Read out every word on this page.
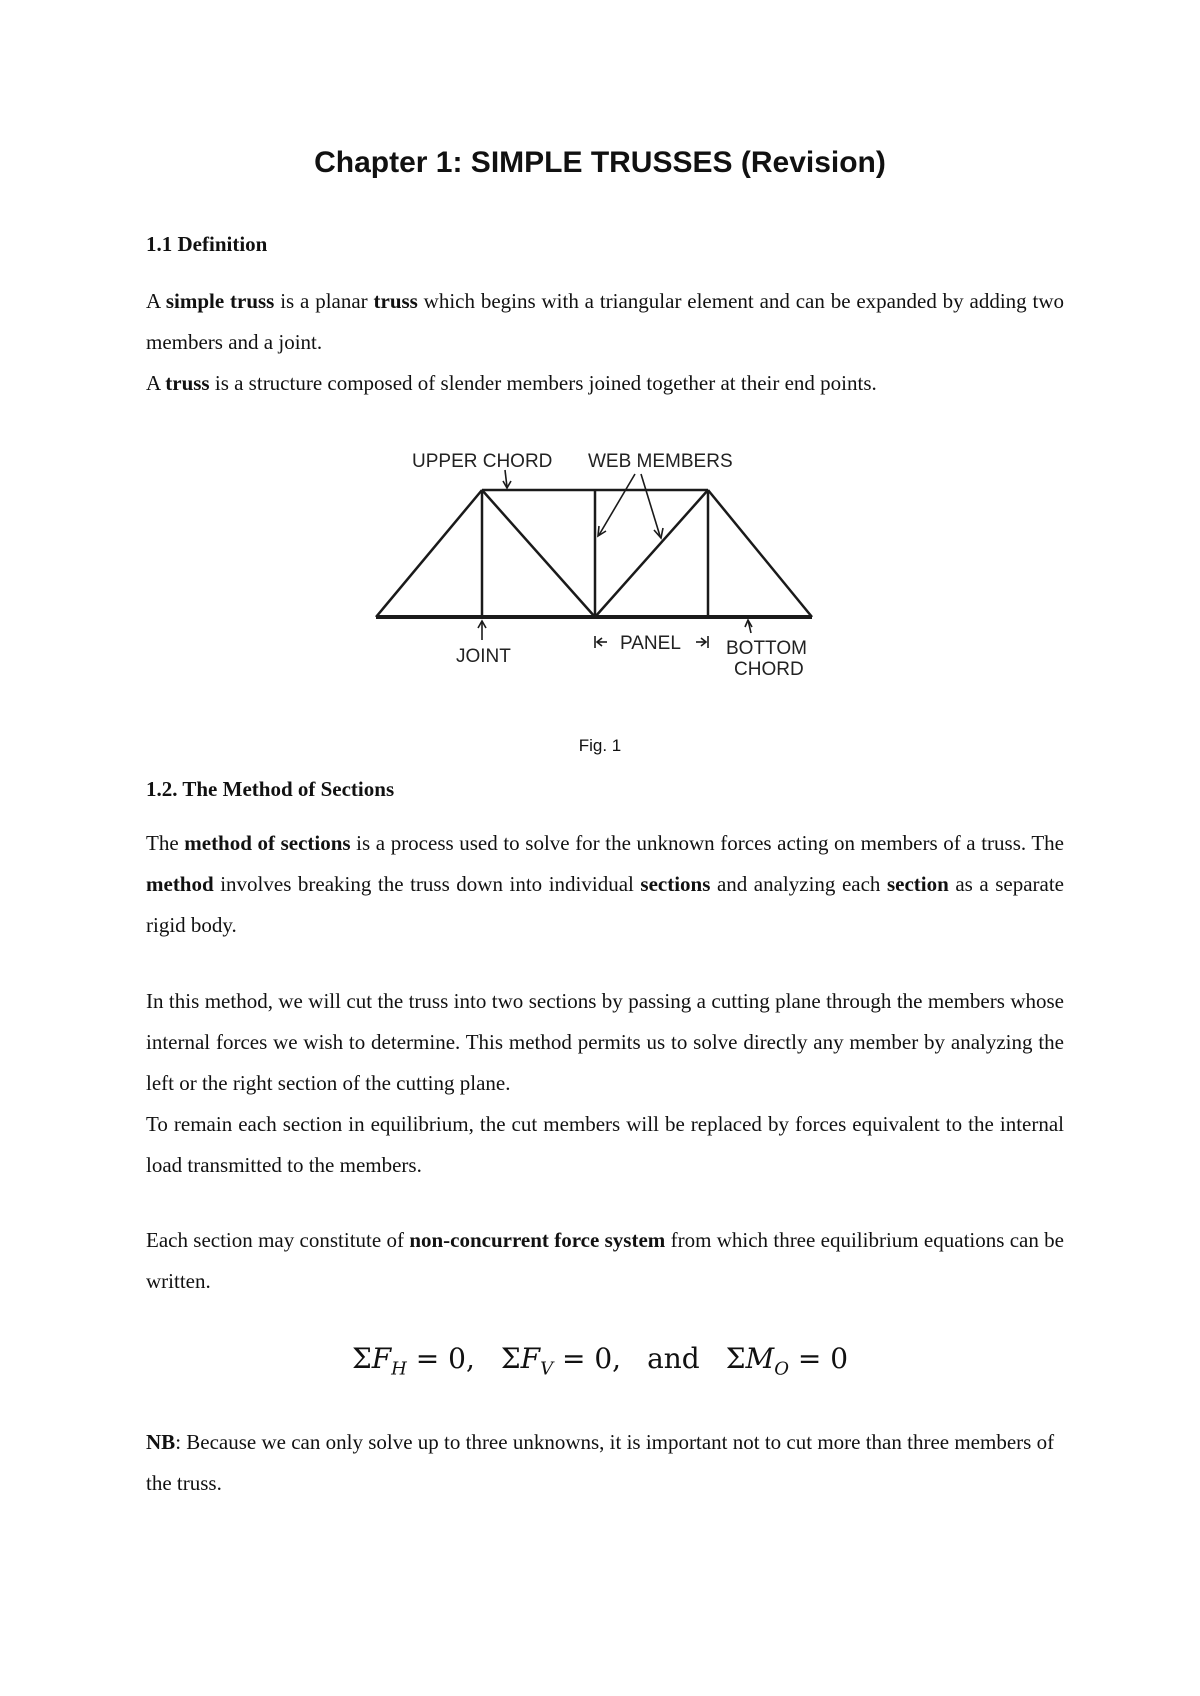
Chapter 1: SIMPLE TRUSSES (Revision)
1.1 Definition

A simple truss is a planar truss which begins with a triangular element and can be expanded by adding two members and a joint.

A truss is a structure composed of slender members joined together at their end points.

UPPER CHORD WEB MEMBERS
JOINT
PANEL BOTTOM
CHORD

Fig. 1

1.2. The Method of Sections

The method of sections is a process used to solve for the unknown forces acting on members of a truss. The method involves breaking the truss down into individual sections and analyzing each section as a separate rigid body.

In this method, we will cut the truss into two sections by passing a cutting plane through the members whose internal forces we wish to determine. This method permits us to solve directly any member by analyzing the left or the right section of the cutting plane.
To remain each section in equilibrium, the cut members will be replaced by forces equivalent to the internal load transmitted to the members.

Each section may constitute of non-concurrent force system from which three equilibrium equations can be written.

$\Sigma F_H = 0$, $\Sigma F_V = 0$, and $\Sigma M_O = 0$

NB: Because we can only solve up to three unknowns, it is important not to cut more than three members of the truss.
